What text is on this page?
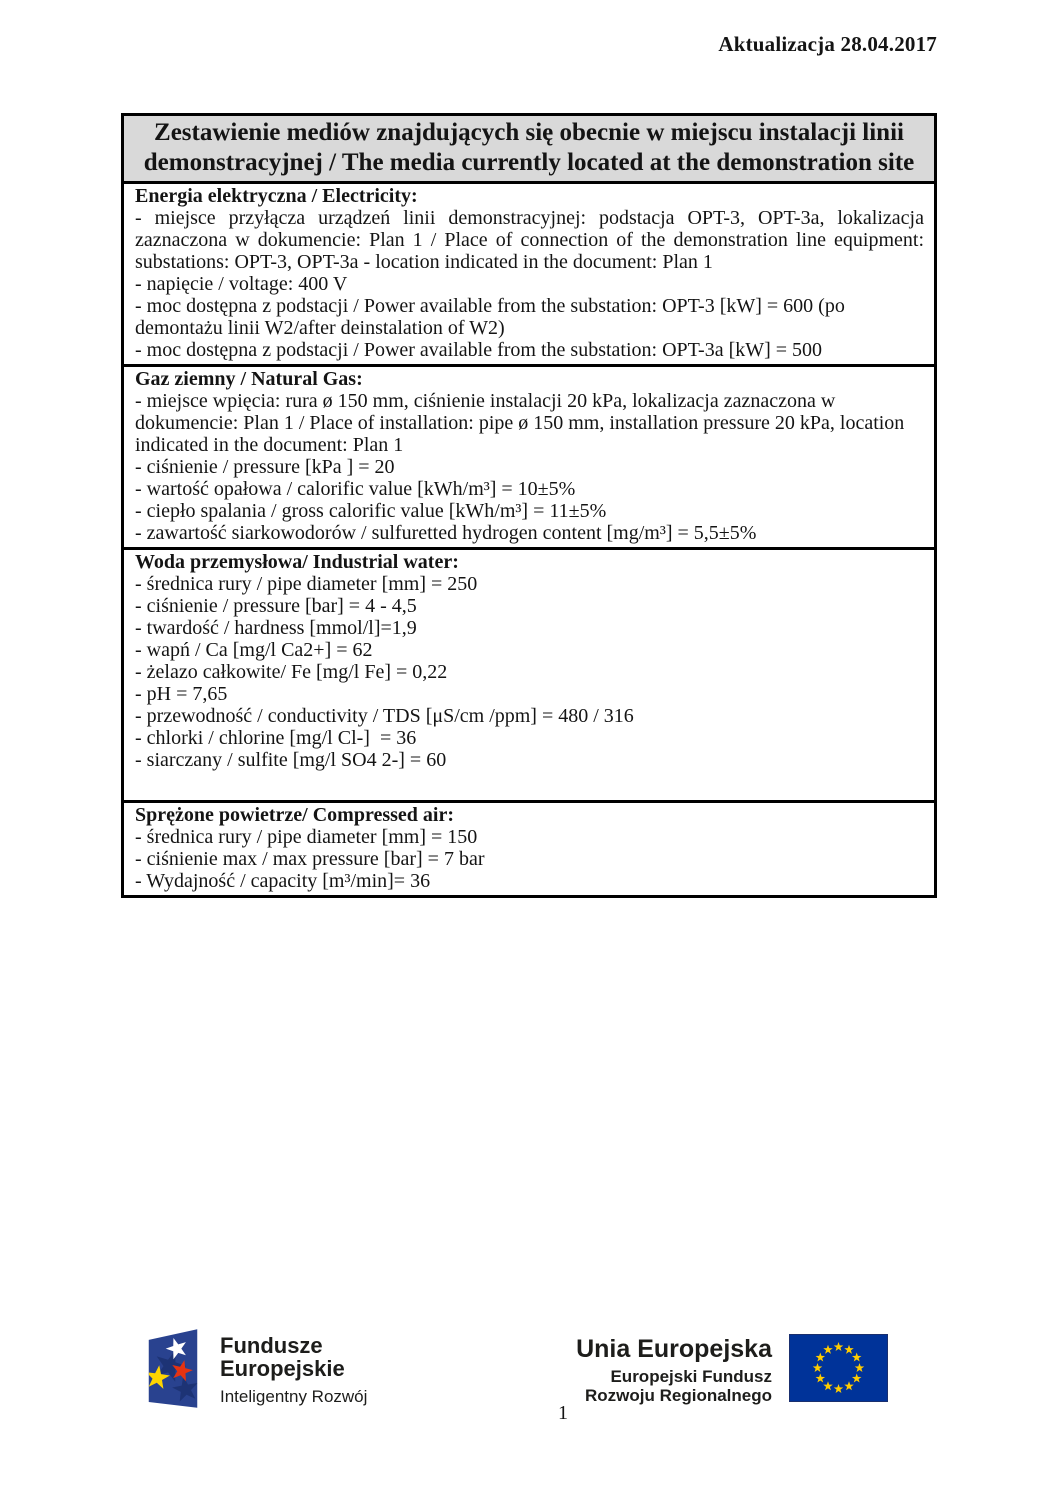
Aktualizacja 28.04.2017
Zestawienie mediów znajdujących się obecnie w miejscu instalacji linii
demonstracyjnej / The media currently located at the demonstration site
Energia elektryczna / Electricity:
- miejsce przyłącza urządzeń linii demonstracyjnej: podstacja OPT-3, OPT-3a, lokalizacja zaznaczona w dokumencie: Plan 1 / Place of connection of the demonstration line equipment: substations: OPT-3, OPT-3a - location indicated in the document: Plan 1
- napięcie / voltage: 400 V
- moc dostępna z podstacji / Power available from the substation: OPT-3 [kW] = 600 (po demontażu linii W2/after deinstalation of W2)
- moc dostępna z podstacji / Power available from the substation: OPT-3a [kW] = 500
Gaz ziemny / Natural Gas:
- miejsce wpięcia: rura ø 150 mm, ciśnienie instalacji 20 kPa, lokalizacja zaznaczona w dokumencie: Plan 1 / Place of installation: pipe ø 150 mm, installation pressure 20 kPa, location indicated in the document: Plan 1
- ciśnienie / pressure [kPa ] = 20
- wartość opałowa / calorific value [kWh/m³] = 10±5%
- ciepło spalania / gross calorific value [kWh/m³] = 11±5%
- zawartość siarkowodorów / sulfuretted hydrogen content [mg/m³] = 5,5±5%
Woda przemysłowa/ Industrial water:
- średnica rury / pipe diameter [mm] = 250
- ciśnienie / pressure [bar] = 4 - 4,5
- twardość / hardness [mmol/l]=1,9
- wapń / Ca [mg/l Ca2+] = 62
- żelazo całkowite/ Fe [mg/l Fe] = 0,22
- pH = 7,65
- przewodność / conductivity / TDS [μS/cm /ppm] = 480 / 316
- chlorki / chlorine [mg/l Cl-]  = 36
- siarczany / sulfite [mg/l SO4 2-] = 60
Sprężone powietrze/ Compressed air:
- średnica rury / pipe diameter [mm] = 150
- ciśnienie max / max pressure [bar] = 7 bar
- Wydajność / capacity [m³/min]= 36
Fundusze
Europejskie
Inteligentny Rozwój
Unia Europejska
Europejski Fundusz
Rozwoju Regionalnego
1
